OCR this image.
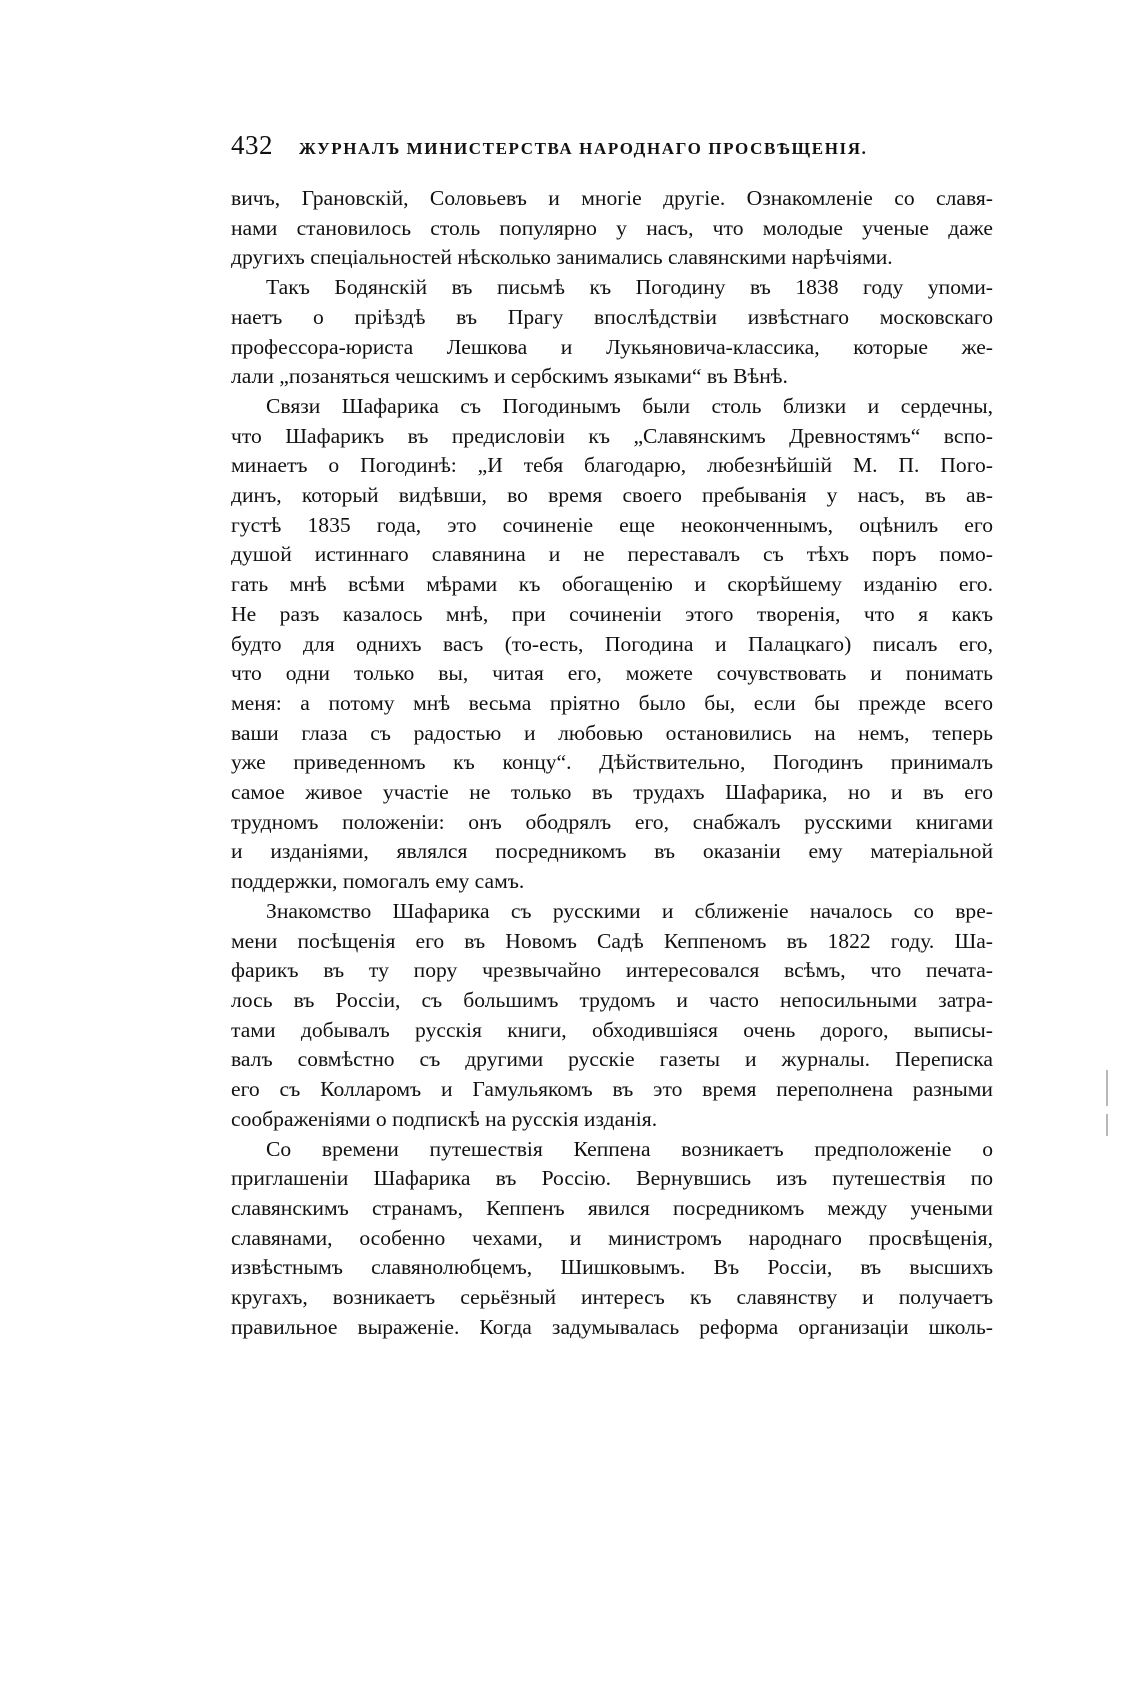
432 ЖУРНАЛЪ МИНИСТЕРСТВА НАРОДНАГО ПРОСВѢЩЕНІЯ.

вичъ, Грановскій, Соловьевъ и многіе другіе. Ознакомленіе со славя-

нами становилось столь популярно у насъ, что молодые ученые даже

другихъ спеціальностей нѣсколько занимались славянскими нарѣчіями.

Такъ Бодянскій въ письмѣ къ Погодину въ 1838 году упоми-

наетъ о пріѣздѣ въ Прагу впослѣдствіи извѣстнаго московскаго

профессора-юриста Лешкова и Лукьяновича-классика, которые же-

лали „позаняться чешскимъ и сербскимъ языками“ въ Вѣнѣ.

Связи Шафарика съ Погодинымъ были столь близки и сердечны,

что Шафарикъ въ предисловіи къ „Славянскимъ Древностямъ“ вспо-

минаетъ о Погодинѣ: „И тебя благодарю, любезнѣйшій М. П. Пого-

динъ, который видѣвши, во время своего пребыванія у насъ, въ ав-

густѣ 1835 года, это сочиненіе еще неоконченнымъ, оцѣнилъ его

душой истиннаго славянина и не переставалъ съ тѣхъ поръ помо-

гать мнѣ всѣми мѣрами къ обогащенію и скорѣйшему изданію его.

Не разъ казалось мнѣ, при сочиненіи этого творенія, что я какъ

будто для однихъ васъ (то-есть, Погодина и Палацкаго) писалъ его,

что одни только вы, читая его, можете сочувствовать и понимать

меня: а потому мнѣ весьма пріятно было бы, если бы прежде всего

ваши глаза съ радостью и любовью остановились на немъ, теперь

уже приведенномъ къ концу“. Дѣйствительно, Погодинъ принималъ

самое живое участіе не только въ трудахъ Шафарика, но и въ его

трудномъ положеніи: онъ ободрялъ его, снабжалъ русскими книгами

и изданіями, являлся посредникомъ въ оказаніи ему матеріальной

поддержки, помогалъ ему самъ.

Знакомство Шафарика съ русскими и сближеніе началось со вре-

мени посѣщенія его въ Новомъ Садѣ Кеппеномъ въ 1822 году. Ша-

фарикъ въ ту пору чрезвычайно интересовался всѣмъ, что печата-

лось въ Россіи, съ большимъ трудомъ и часто непосильными затра-

тами добывалъ русскія книги, обходившіяся очень дорого, выписы-

валъ совмѣстно съ другими русскіе газеты и журналы. Переписка

его съ Колларомъ и Гамульякомъ въ это время переполнена разными

соображеніями о подпискѣ на русскія изданія.

Со времени путешествія Кеппена возникаетъ предположеніе о

приглашеніи Шафарика въ Россію. Вернувшись изъ путешествія по

славянскимъ странамъ, Кеппенъ явился посредникомъ между учеными

славянами, особенно чехами, и министромъ народнаго просвѣщенія,

извѣстнымъ славянолюбцемъ, Шишковымъ. Въ Россіи, въ высшихъ

кругахъ, возникаетъ серьёзный интересъ къ славянству и получаетъ

правильное выраженіе. Когда задумывалась реформа организаціи школь-
